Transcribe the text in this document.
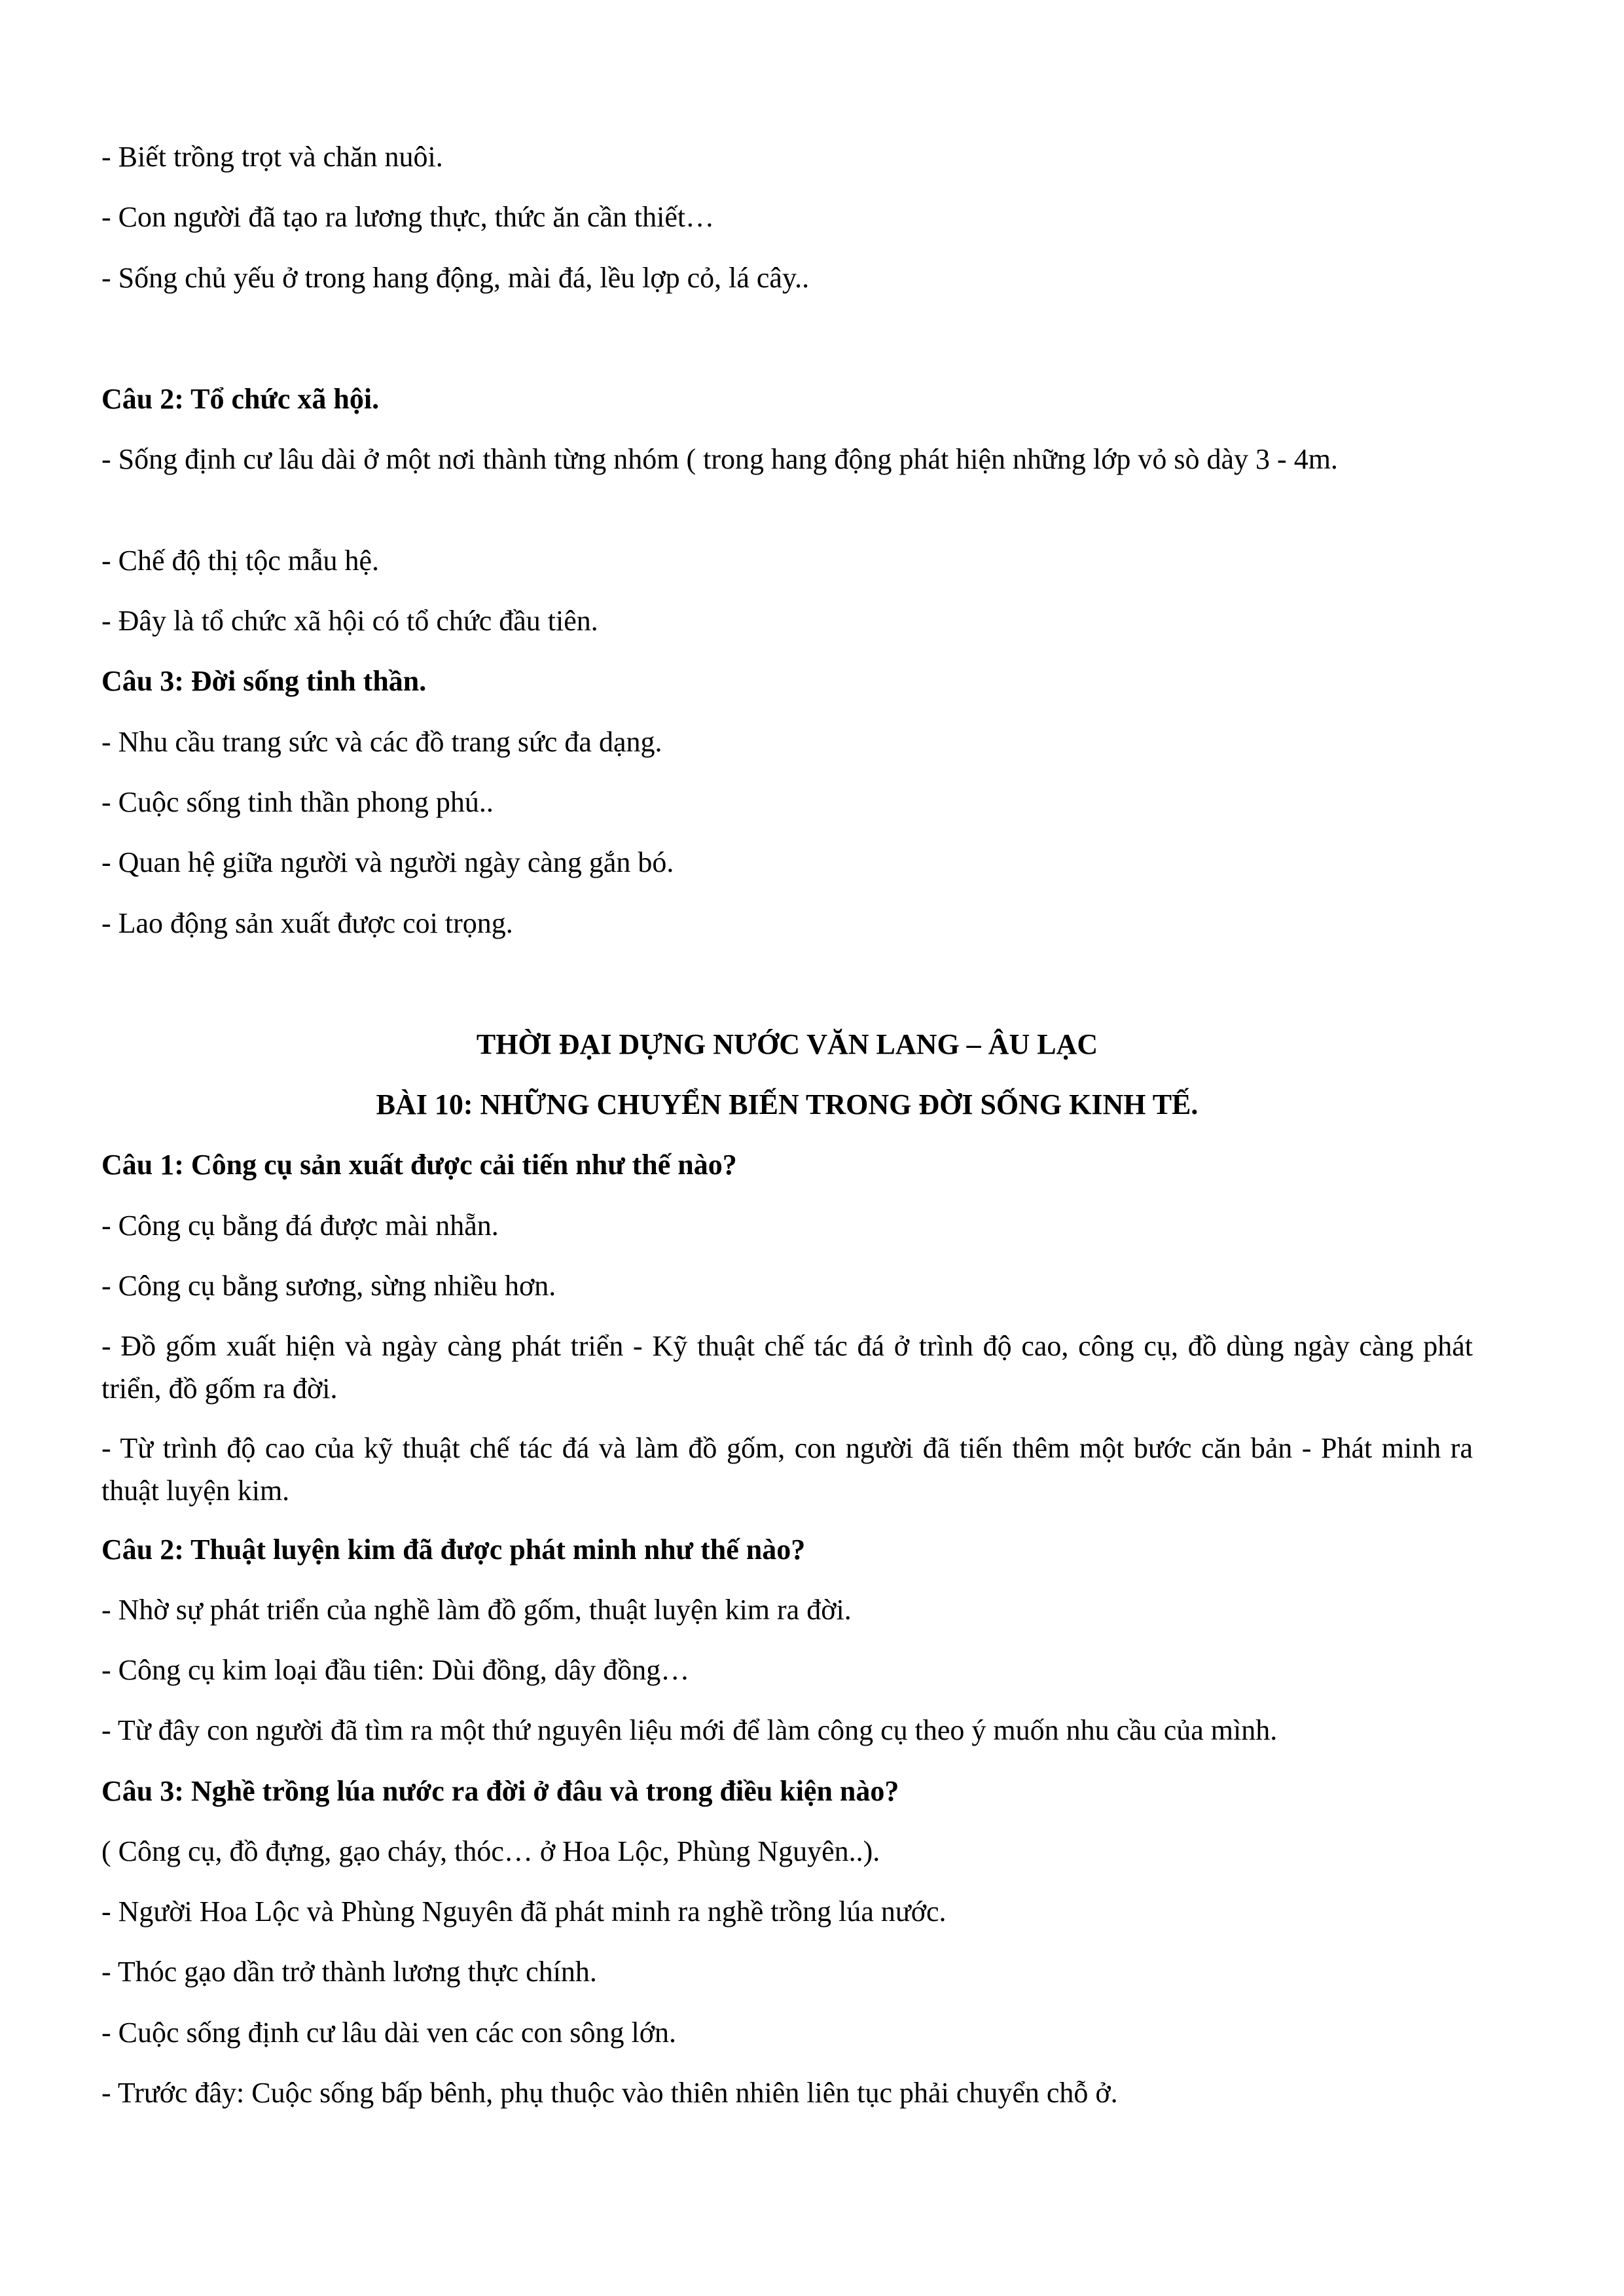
- Biết trồng trọt và chăn nuôi.

- Con người đã tạo ra lương thực, thức ăn cần thiết…

- Sống chủ yếu ở trong hang động, mài đá, lều lợp cỏ, lá cây..

Câu 2: Tổ chức xã hội.

- Sống định cư lâu dài ở một nơi thành từng nhóm ( trong hang động phát hiện những lớp vỏ sò dày 3 - 4m.

- Chế độ thị tộc mẫu hệ.

- Đây là tổ chức xã hội có tổ chức đầu tiên.

Câu 3: Đời sống tinh thần.

- Nhu cầu trang sức và các đồ trang sức đa dạng.

- Cuộc sống tinh thần phong phú..

- Quan hệ giữa người và người ngày càng gắn bó.

- Lao động sản xuất được coi trọng.

THỜI ĐẠI DỰNG NƯỚC VĂN LANG – ÂU LẠC

BÀI 10: NHỮNG CHUYỂN BIẾN TRONG ĐỜI SỐNG KINH TẾ.

Câu 1: Công cụ sản xuất được cải tiến như thế nào?

- Công cụ bằng đá được mài nhẵn.

- Công cụ bằng sương, sừng nhiều hơn.

- Đồ gốm xuất hiện và ngày càng phát triển - Kỹ thuật chế tác đá ở trình độ cao, công cụ, đồ dùng ngày càng phát triển, đồ gốm ra đời.

- Từ trình độ cao của kỹ thuật chế tác đá và làm đồ gốm, con người đã tiến thêm một bước căn bản - Phát minh ra thuật luyện kim.

Câu 2: Thuật luyện kim đã được phát minh như thế nào?

- Nhờ sự phát triển của nghề làm đồ gốm, thuật luyện kim ra đời.

- Công cụ kim loại đầu tiên: Dùi đồng, dây đồng…

- Từ đây con người đã tìm ra một thứ nguyên liệu mới để làm công cụ theo ý muốn nhu cầu của mình.

Câu 3: Nghề trồng lúa nước ra đời ở đâu và trong điều kiện nào?

( Công cụ, đồ đựng, gạo cháy, thóc… ở Hoa Lộc, Phùng Nguyên..).

- Người Hoa Lộc và Phùng Nguyên đã phát minh ra nghề trồng lúa nước.

- Thóc gạo dần trở thành lương thực chính.

- Cuộc sống định cư lâu dài ven các con sông lớn.

- Trước đây: Cuộc sống bấp bênh, phụ thuộc vào thiên nhiên liên tục phải chuyển chỗ ở.
